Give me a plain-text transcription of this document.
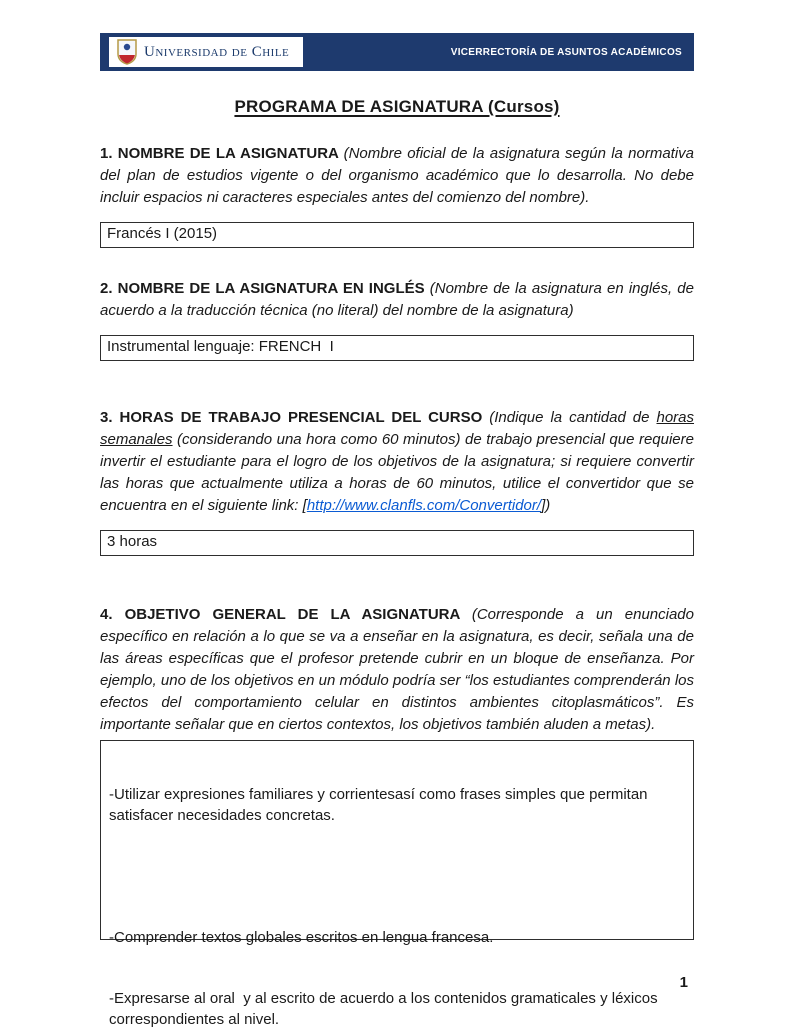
Universidad de Chile	VICERRECTORÍA DE ASUNTOS ACADÉMICOS
PROGRAMA DE ASIGNATURA (Cursos)

1. NOMBRE DE LA ASIGNATURA (Nombre oficial de la asignatura según la normativa del plan de estudios vigente o del organismo académico que lo desarrolla. No debe incluir espacios ni caracteres especiales antes del comienzo del nombre).

Francés I (2015)

2. NOMBRE DE LA ASIGNATURA EN INGLÉS (Nombre de la asignatura en inglés, de acuerdo a la traducción técnica (no literal) del nombre de la asignatura)

Instrumental lenguaje: FRENCH  I

3. HORAS DE TRABAJO PRESENCIAL DEL CURSO (Indique la cantidad de horas semanales (considerando una hora como 60 minutos) de trabajo presencial que requiere invertir el estudiante para el logro de los objetivos de la asignatura; si requiere convertir las horas que actualmente utiliza a horas de 60 minutos, utilice el convertidor que se encuentra en el siguiente link: [http://www.clanfls.com/Convertidor/])

3 horas

4. OBJETIVO GENERAL DE LA ASIGNATURA (Corresponde a un enunciado específico en relación a lo que se va a enseñar en la asignatura, es decir, señala una de las áreas específicas que el profesor pretende cubrir en un bloque de enseñanza. Por ejemplo, uno de los objetivos en un módulo podría ser “los estudiantes comprenderán los efectos del comportamiento celular en distintos ambientes citoplasmáticos”. Es importante señalar que en ciertos contextos, los objetivos también aluden a metas).

-Utilizar expresiones familiares y corrientesasí como frases simples que permitan satisfacer necesidades concretas.

-Comprender textos globales escritos en lengua francesa.

-Expresarse al oral  y al escrito de acuerdo a los contenidos gramaticales y léxicos correspondientes al nivel.

1
